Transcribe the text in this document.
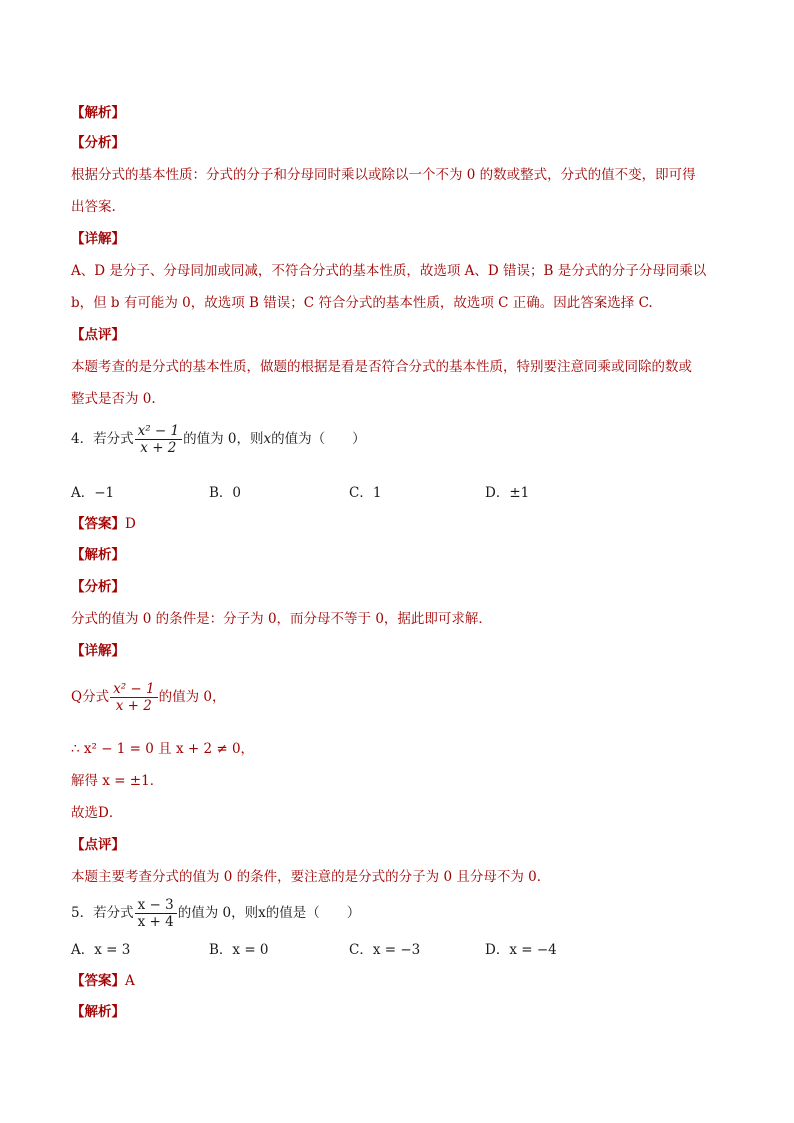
【解析】
【分析】
根据分式的基本性质：分式的分子和分母同时乘以或除以一个不为 0 的数或整式，分式的值不变，即可得
出答案.
【详解】
A、D 是分子、分母同加或同减，不符合分式的基本性质，故选项 A、D 错误；B 是分式的分子分母同乘以
b，但 b 有可能为 0，故选项 B 错误；C 符合分式的基本性质，故选项 C 正确。因此答案选择 C.
【点评】
本题考查的是分式的基本性质，做题的根据是看是否符合分式的基本性质，特别要注意同乘或同除的数或
整式是否为 0.
4．若分式 $\frac{\text{x² − 1}}{x + 2}$ 的值为 0，则x的值为（　　）
A．−1	B．0	C．1	D．±1
【答案】D
【解析】
【分析】
分式的值为 0 的条件是：分子为 0，而分母不等于 0，据此即可求解．
【详解】
Q分式 $\frac{\text{x² − 1}}{x + 2}$ 的值为 0，
∴ x² − 1 = 0 且 x + 2 ≠ 0，
解得 x = ±1．
故选D．
【点评】
本题主要考查分式的值为 0 的条件，要注意的是分式的分子为 0 且分母不为 0．
5．若分式 $\frac{x - 3}{x + 4}$ 的值为 0，则x的值是（　　）
A．x = 3	B．x = 0	C．x = −3	D．x = −4
【答案】A
【解析】
